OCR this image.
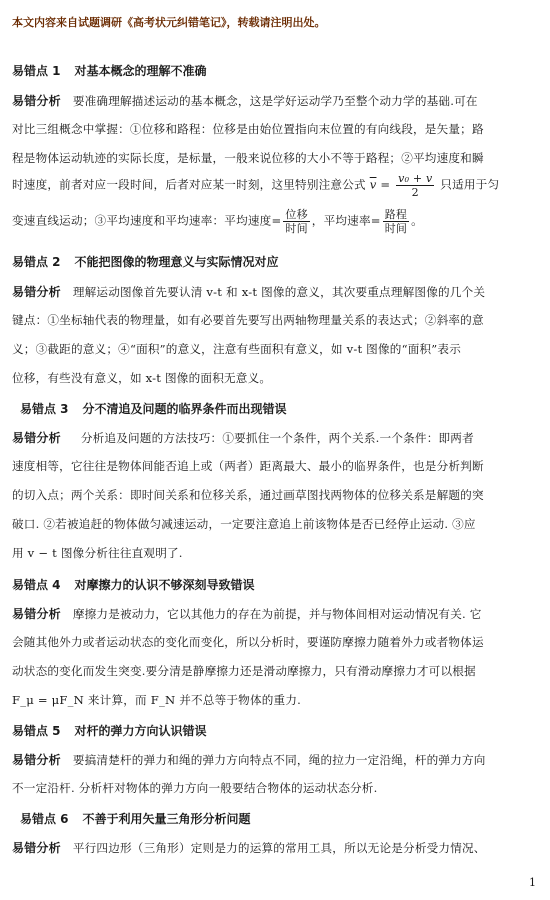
本文内容来自试题调研《高考状元纠错笔记》，转载请注明出处。
易错点 1 对基本概念的理解不准确
易错分析 要准确理解描述运动的基本概念，这是学好运动学乃至整个动力学的基础.可在
对比三组概念中掌握：①位移和路程：位移是由始位置指向末位置的有向线段，是矢量；路
程是物体运动轨迹的实际长度，是标量，一般来说位移的大小不等于路程；②平均速度和瞬
时速度，前者对应一段时间，后者对应某一时刻，这里特别注意公式 $\overline{v} = \frac{\text{v₀ + v}}{2}$ 只适用于匀
变速直线运动；③平均速度和平均速率：平均速度= $\frac{\text{位移}}{\text{时间}}$ ，平均速率= $\frac{\text{路程}}{\text{时间}}$ 。
易错点 2 不能把图像的物理意义与实际情况对应
易错分析 理解运动图像首先要认清 v-t 和 x-t 图像的意义，其次要重点理解图像的几个关
键点：①坐标轴代表的物理量，如有必要首先要写出两轴物理量关系的表达式；②斜率的意
义；③截距的意义；④“面积”的意义，注意有些面积有意义，如 v-t 图像的“面积”表示
位移，有些没有意义，如 x-t 图像的面积无意义。
易错点 3 分不清追及问题的临界条件而出现错误
易错分析 分析追及问题的方法技巧：①要抓住一个条件，两个关系.一个条件：即两者
速度相等，它往往是物体间能否追上或（两者）距离最大、最小的临界条件，也是分析判断
的切入点；两个关系：即时间关系和位移关系，通过画草图找两物体的位移关系是解题的突
破口. ②若被追赶的物体做匀减速运动，一定要注意追上前该物体是否已经停止运动. ③应
用 v − t 图像分析往往直观明了.
易错点 4 对摩擦力的认识不够深刻导致错误
易错分析 摩擦力是被动力，它以其他力的存在为前提，并与物体间相对运动情况有关. 它
会随其他外力或者运动状态的变化而变化，所以分析时，要谨防摩擦力随着外力或者物体运
动状态的变化而发生突变.要分清是静摩擦力还是滑动摩擦力，只有滑动摩擦力才可以根据
F_μ = μF_N 来计算，而 F_N 并不总等于物体的重力.
易错点 5 对杆的弹力方向认识错误
易错分析 要搞清楚杆的弹力和绳的弹力方向特点不同，绳的拉力一定沿绳，杆的弹力方向
不一定沿杆. 分析杆对物体的弹力方向一般要结合物体的运动状态分析.
易错点 6 不善于利用矢量三角形分析问题
易错分析 平行四边形（三角形）定则是力的运算的常用工具，所以无论是分析受力情况、
1
